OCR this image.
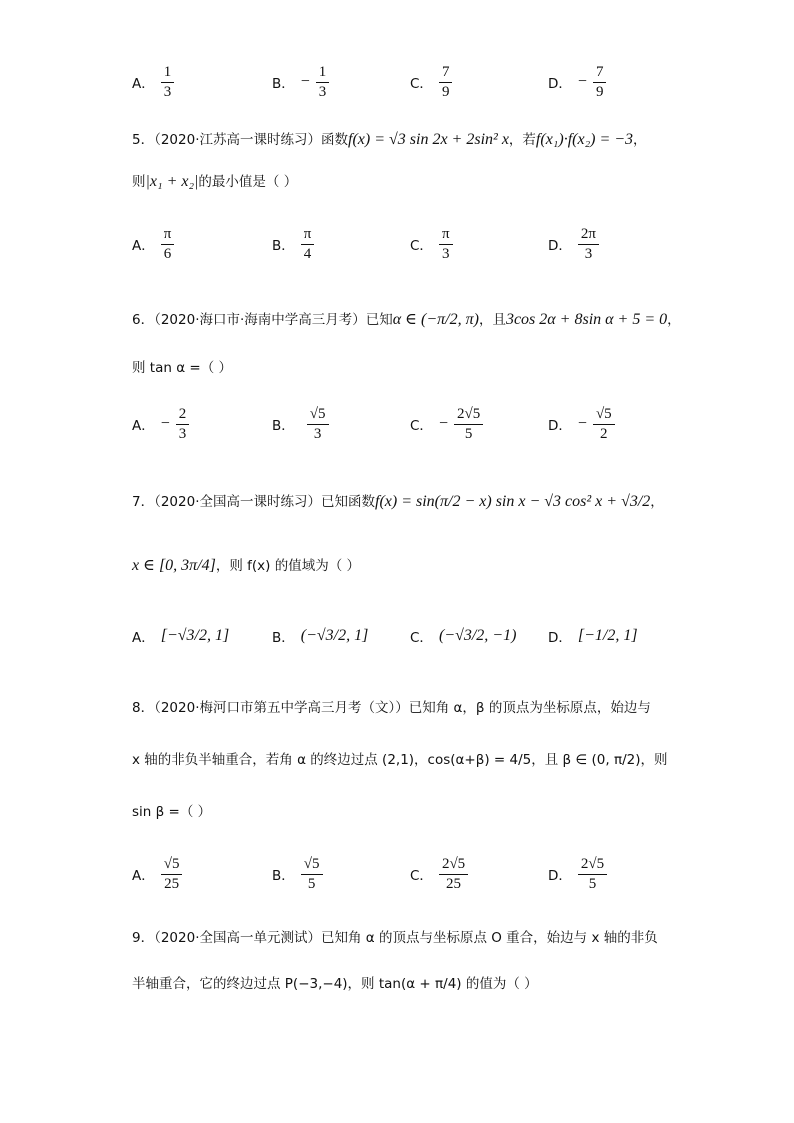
A． $\frac{1}{3}$	B． − $\frac{1}{3}$	C． $\frac{7}{9}$	D． − $\frac{7}{9}$
5．（2020·江苏高一课时练习）函数f(x) = √3 sin 2x + 2sin² x，若f(x₁)·f(x₂) = −3，
则|x₁ + x₂|的最小值是（ ）
A． $\frac{\pi}{6}$	B． $\frac{\pi}{4}$	C． $\frac{\pi}{3}$	D． $\frac{2\pi}{3}$
6．（2020·海口市·海南中学高三月考）已知α ∈ (−π/2, π)，且3cos 2α + 8sin α + 5 = 0，
则 tan α =（ ）
A． − $\frac{2}{3}$	B． $\frac{√5}{3}$	C． − $\frac{2√5}{5}$	D． − $\frac{√5}{2}$
7．（2020·全国高一课时练习）已知函数f(x) = sin(π/2 − x) sin x − √3 cos² x + √3/2，
x ∈ [0, 3π/4]，则 f(x) 的值域为（ ）
A． [−√3/2, 1]	B． (−√3/2, 1]	C． (−√3/2, −1) D． [−1/2, 1]
8．（2020·梅河口市第五中学高三月考（文））已知角 α，β 的顶点为坐标原点，始边与
x 轴的非负半轴重合，若角 α 的终边过点 (2,1)，cos(α+β) = 4/5，且 β ∈ (0, π/2)，则
sin β =（ ）
A． $\frac{√5}{25}$	B． $\frac{√5}{5}$	C． $\frac{2√5}{25}$	D． $\frac{2√5}{5}$
9．（2020·全国高一单元测试）已知角 α 的顶点与坐标原点 O 重合，始边与 x 轴的非负
半轴重合，它的终边过点 P(−3,−4)，则 tan(α + π/4) 的值为（ ）
